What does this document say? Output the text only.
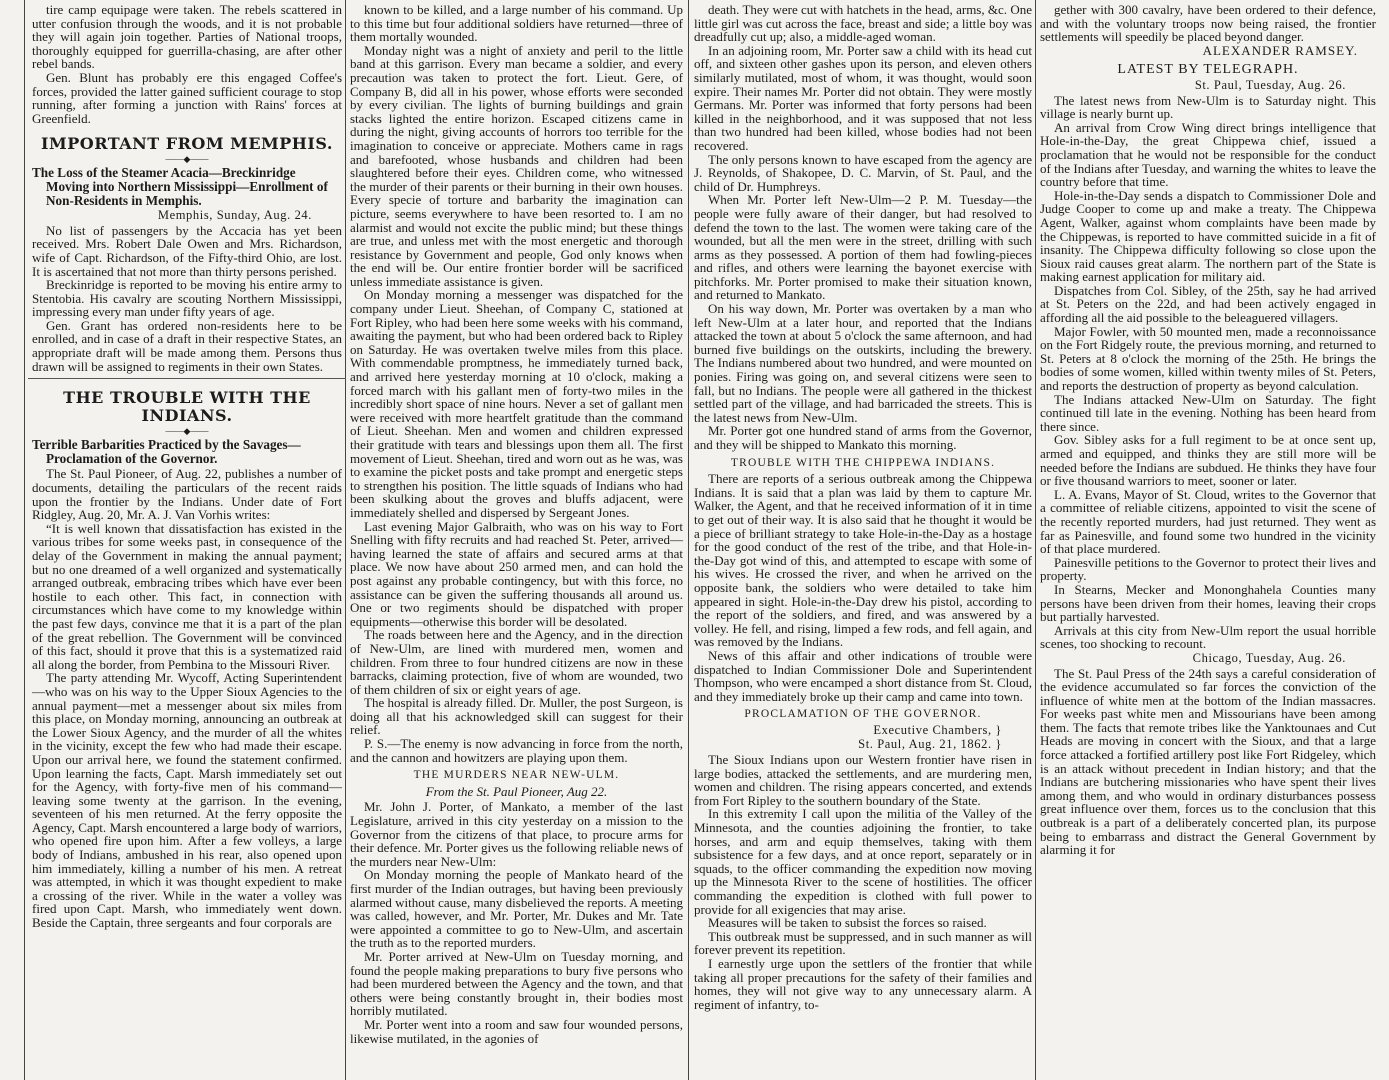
tire camp equipage were taken. The rebels scattered in utter confusion through the woods, and it is not probable they will again join together. Parties of National troops, thoroughly equipped for guerrilla-chasing, are after other rebel bands.

Gen. Blunt has probably ere this engaged Coffee's forces, provided the latter gained sufficient courage to stop running, after forming a junction with Rains' forces at Greenfield.

IMPORTANT FROM MEMPHIS.
——◆——
The Loss of the Steamer Acacia—Breckinridge Moving into Northern Mississippi—Enrollment of Non-Residents in Memphis.
Memphis, Sunday, Aug. 24.

No list of passengers by the Accacia has yet been received. Mrs. Robert Dale Owen and Mrs. Richardson, wife of Capt. Richardson, of the Fifty-third Ohio, are lost. It is ascertained that not more than thirty persons perished.

Breckinridge is reported to be moving his entire army to Stentobia. His cavalry are scouting Northern Mississippi, impressing every man under fifty years of age.

Gen. Grant has ordered non-residents here to be enrolled, and in case of a draft in their respective States, an appropriate draft will be made among them. Persons thus drawn will be assigned to regiments in their own States.

THE TROUBLE WITH THE INDIANS.
——◆——
Terrible Barbarities Practiced by the Savages—Proclamation of the Governor.

The St. Paul Pioneer, of Aug. 22, publishes a number of documents, detailing the particulars of the recent raids upon the frontier by the Indians. Under date of Fort Ridgley, Aug. 20, Mr. A. J. Van Vorhis writes:

“It is well known that dissatisfaction has existed in the various tribes for some weeks past, in consequence of the delay of the Government in making the annual payment; but no one dreamed of a well organized and systematically arranged outbreak, embracing tribes which have ever been hostile to each other. This fact, in connection with circumstances which have come to my knowledge within the past few days, convince me that it is a part of the plan of the great rebellion. The Government will be convinced of this fact, should it prove that this is a systematized raid all along the border, from Pembina to the Missouri River.

The party attending Mr. Wycoff, Acting Superintendent—who was on his way to the Upper Sioux Agencies to the annual payment—met a messenger about six miles from this place, on Monday morning, announcing an outbreak at the Lower Sioux Agency, and the murder of all the whites in the vicinity, except the few who had made their escape. Upon our arrival here, we found the statement confirmed. Upon learning the facts, Capt. Marsh immediately set out for the Agency, with forty-five men of his command—leaving some twenty at the garrison. In the evening, seventeen of his men returned. At the ferry opposite the Agency, Capt. Marsh encountered a large body of warriors, who opened fire upon him. After a few volleys, a large body of Indians, ambushed in his rear, also opened upon him immediately, killing a number of his men. A retreat was attempted, in which it was thought expedient to make a crossing of the river. While in the water a volley was fired upon Capt. Marsh, who immediately went down. Beside the Captain, three sergeants and four corporals are

known to be killed, and a large number of his command. Up to this time but four additional soldiers have returned—three of them mortally wounded.

Monday night was a night of anxiety and peril to the little band at this garrison. Every man became a soldier, and every precaution was taken to protect the fort. Lieut. Gere, of Company B, did all in his power, whose efforts were seconded by every civilian. The lights of burning buildings and grain stacks lighted the entire horizon. Escaped citizens came in during the night, giving accounts of horrors too terrible for the imagination to conceive or appreciate. Mothers came in rags and barefooted, whose husbands and children had been slaughtered before their eyes. Children come, who witnessed the murder of their parents or their burning in their own houses. Every specie of torture and barbarity the imagination can picture, seems everywhere to have been resorted to. I am no alarmist and would not excite the public mind; but these things are true, and unless met with the most energetic and thorough resistance by Government and people, God only knows when the end will be. Our entire frontier border will be sacrificed unless immediate assistance is given.

On Monday morning a messenger was dispatched for the company under Lieut. Sheehan, of Company C, stationed at Fort Ripley, who had been here some weeks with his command, awaiting the payment, but who had been ordered back to Ripley on Saturday. He was overtaken twelve miles from this place. With commendable promptness, he immediately turned back, and arrived here yesterday morning at 10 o'clock, making a forced march with his gallant men of forty-two miles in the incredibly short space of nine hours. Never a set of gallant men were received with more heartfelt gratitude than the command of Lieut. Sheehan. Men and women and children expressed their gratitude with tears and blessings upon them all. The first movement of Lieut. Sheehan, tired and worn out as he was, was to examine the picket posts and take prompt and energetic steps to strengthen his position. The little squads of Indians who had been skulking about the groves and bluffs adjacent, were immediately shelled and dispersed by Sergeant Jones.

Last evening Major Galbraith, who was on his way to Fort Snelling with fifty recruits and had reached St. Peter, arrived—having learned the state of affairs and secured arms at that place. We now have about 250 armed men, and can hold the post against any probable contingency, but with this force, no assistance can be given the suffering thousands all around us. One or two regiments should be dispatched with proper equipments—otherwise this border will be desolated.

The roads between here and the Agency, and in the direction of New-Ulm, are lined with murdered men, women and children. From three to four hundred citizens are now in these barracks, claiming protection, five of whom are wounded, two of them children of six or eight years of age.

The hospital is already filled. Dr. Muller, the post Surgeon, is doing all that his acknowledged skill can suggest for their relief.

P. S.—The enemy is now advancing in force from the north, and the cannon and howitzers are playing upon them.

THE MURDERS NEAR NEW-ULM.
From the St. Paul Pioneer, Aug 22.

Mr. John J. Porter, of Mankato, a member of the last Legislature, arrived in this city yesterday on a mission to the Governor from the citizens of that place, to procure arms for their defence. Mr. Porter gives us the following reliable news of the murders near New-Ulm:

On Monday morning the people of Mankato heard of the first murder of the Indian outrages, but having been previously alarmed without cause, many disbelieved the reports. A meeting was called, however, and Mr. Porter, Mr. Dukes and Mr. Tate were appointed a committee to go to New-Ulm, and ascertain the truth as to the reported murders.

Mr. Porter arrived at New-Ulm on Tuesday morning, and found the people making preparations to bury five persons who had been murdered between the Agency and the town, and that others were being constantly brought in, their bodies most horribly mutilated.

Mr. Porter went into a room and saw four wounded persons, likewise mutilated, in the agonies of

death. They were cut with hatchets in the head, arms, &c. One little girl was cut across the face, breast and side; a little boy was dreadfully cut up; also, a middle-aged woman.

In an adjoining room, Mr. Porter saw a child with its head cut off, and sixteen other gashes upon its person, and eleven others similarly mutilated, most of whom, it was thought, would soon expire. Their names Mr. Porter did not obtain. They were mostly Germans. Mr. Porter was informed that forty persons had been killed in the neighborhood, and it was supposed that not less than two hundred had been killed, whose bodies had not been recovered.

The only persons known to have escaped from the agency are J. Reynolds, of Shakopee, D. C. Marvin, of St. Paul, and the child of Dr. Humphreys.

When Mr. Porter left New-Ulm—2 P. M. Tuesday—the people were fully aware of their danger, but had resolved to defend the town to the last. The women were taking care of the wounded, but all the men were in the street, drilling with such arms as they possessed. A portion of them had fowling-pieces and rifles, and others were learning the bayonet exercise with pitchforks. Mr. Porter promised to make their situation known, and returned to Mankato.

On his way down, Mr. Porter was overtaken by a man who left New-Ulm at a later hour, and reported that the Indians attacked the town at about 5 o'clock the same afternoon, and had burned five buildings on the outskirts, including the brewery. The Indians numbered about two hundred, and were mounted on ponies. Firing was going on, and several citizens were seen to fall, but no Indians. The people were all gathered in the thickest settled part of the village, and had barricaded the streets. This is the latest news from New-Ulm.

Mr. Porter got one hundred stand of arms from the Governor, and they will be shipped to Mankato this morning.

TROUBLE WITH THE CHIPPEWA INDIANS.

There are reports of a serious outbreak among the Chippewa Indians. It is said that a plan was laid by them to capture Mr. Walker, the Agent, and that he received information of it in time to get out of their way. It is also said that he thought it would be a piece of brilliant strategy to take Hole-in-the-Day as a hostage for the good conduct of the rest of the tribe, and that Hole-in-the-Day got wind of this, and attempted to escape with some of his wives. He crossed the river, and when he arrived on the opposite bank, the soldiers who were detailed to take him appeared in sight. Hole-in-the-Day drew his pistol, according to the report of the soldiers, and fired, and was answered by a volley. He fell, and rising, limped a few rods, and fell again, and was removed by the Indians.

News of this affair and other indications of trouble were dispatched to Indian Commissioner Dole and Superintendent Thompson, who were encamped a short distance from St. Cloud, and they immediately broke up their camp and came into town.

PROCLAMATION OF THE GOVERNOR.
Executive Chambers, }
St. Paul, Aug. 21, 1862. }

The Sioux Indians upon our Western frontier have risen in large bodies, attacked the settlements, and are murdering men, women and children. The rising appears concerted, and extends from Fort Ripley to the southern boundary of the State.

In this extremity I call upon the militia of the Valley of the Minnesota, and the counties adjoining the frontier, to take horses, and arm and equip themselves, taking with them subsistence for a few days, and at once report, separately or in squads, to the officer commanding the expedition now moving up the Minnesota River to the scene of hostilities. The officer commanding the expedition is clothed with full power to provide for all exigencies that may arise.

Measures will be taken to subsist the forces so raised.

This outbreak must be suppressed, and in such manner as will forever prevent its repetition.

I earnestly urge upon the settlers of the frontier that while taking all proper precautions for the safety of their families and homes, they will not give way to any unnecessary alarm. A regiment of infantry, to-

gether with 300 cavalry, have been ordered to their defence, and with the voluntary troops now being raised, the frontier settlements will speedily be placed beyond danger.

ALEXANDER RAMSEY.
LATEST BY TELEGRAPH.
St. Paul, Tuesday, Aug. 26.

The latest news from New-Ulm is to Saturday night. This village is nearly burnt up.

An arrival from Crow Wing direct brings intelligence that Hole-in-the-Day, the great Chippewa chief, issued a proclamation that he would not be responsible for the conduct of the Indians after Tuesday, and warning the whites to leave the country before that time.

Hole-in-the-Day sends a dispatch to Commissioner Dole and Judge Cooper to come up and make a treaty. The Chippewa Agent, Walker, against whom complaints have been made by the Chippewas, is reported to have committed suicide in a fit of insanity. The Chippewa difficulty following so close upon the Sioux raid causes great alarm. The northern part of the State is making earnest application for military aid.

Dispatches from Col. Sibley, of the 25th, say he had arrived at St. Peters on the 22d, and had been actively engaged in affording all the aid possible to the beleaguered villagers.

Major Fowler, with 50 mounted men, made a reconnoissance on the Fort Ridgely route, the previous morning, and returned to St. Peters at 8 o'clock the morning of the 25th. He brings the bodies of some women, killed within twenty miles of St. Peters, and reports the destruction of property as beyond calculation.

The Indians attacked New-Ulm on Saturday. The fight continued till late in the evening. Nothing has been heard from there since.

Gov. Sibley asks for a full regiment to be at once sent up, armed and equipped, and thinks they are still more will be needed before the Indians are subdued. He thinks they have four or five thousand warriors to meet, sooner or later.

L. A. Evans, Mayor of St. Cloud, writes to the Governor that a committee of reliable citizens, appointed to visit the scene of the recently reported murders, had just returned. They went as far as Painesville, and found some two hundred in the vicinity of that place murdered.

Painesville petitions to the Governor to protect their lives and property.

In Stearns, Mecker and Mononghahela Counties many persons have been driven from their homes, leaving their crops but partially harvested.

Arrivals at this city from New-Ulm report the usual horrible scenes, too shocking to recount.

Chicago, Tuesday, Aug. 26.

The St. Paul Press of the 24th says a careful consideration of the evidence accumulated so far forces the conviction of the influence of white men at the bottom of the Indian massacres. For weeks past white men and Missourians have been among them. The facts that remote tribes like the Yanktounaes and Cut Heads are moving in concert with the Sioux, and that a large force attacked a fortified artillery post like Fort Ridgeley, which is an attack without precedent in Indian history; and that the Indians are butchering missionaries who have spent their lives among them, and who would in ordinary disturbances possess great influence over them, forces us to the conclusion that this outbreak is a part of a deliberately concerted plan, its purpose being to embarrass and distract the General Government by alarming it for
